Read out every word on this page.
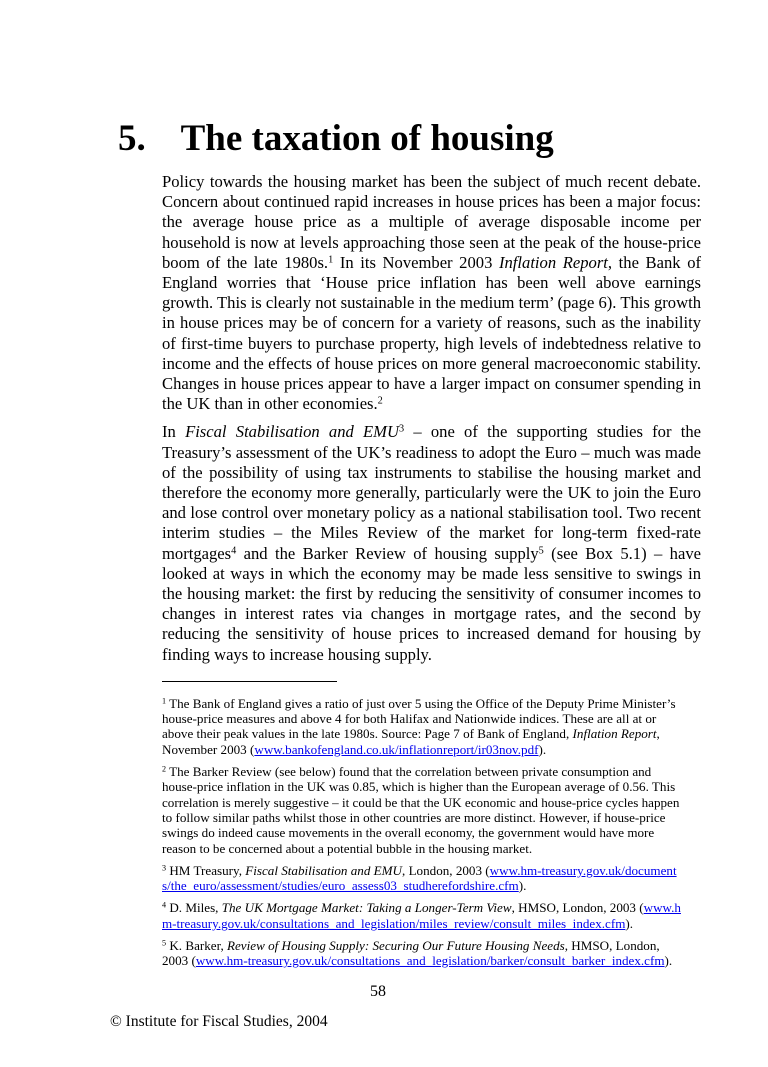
5. The taxation of housing

Policy towards the housing market has been the subject of much recent debate. Concern about continued rapid increases in house prices has been a major focus: the average house price as a multiple of average disposable income per household is now at levels approaching those seen at the peak of the house-price boom of the late 1980s.$^1$ In its November 2003 Inflation Report, the Bank of England worries that ‘House price inflation has been well above earnings growth. This is clearly not sustainable in the medium term’ (page 6). This growth in house prices may be of concern for a variety of reasons, such as the inability of first-time buyers to purchase property, high levels of indebtedness relative to income and the effects of house prices on more general macroeconomic stability. Changes in house prices appear to have a larger impact on consumer spending in the UK than in other economies.$^2$

In Fiscal Stabilisation and EMU$^3$ – one of the supporting studies for the Treasury’s assessment of the UK’s readiness to adopt the Euro – much was made of the possibility of using tax instruments to stabilise the housing market and therefore the economy more generally, particularly were the UK to join the Euro and lose control over monetary policy as a national stabilisation tool. Two recent interim studies – the Miles Review of the market for long-term fixed-rate mortgages$^4$ and the Barker Review of housing supply$^5$ (see Box 5.1) – have looked at ways in which the economy may be made less sensitive to swings in the housing market: the first by reducing the sensitivity of consumer incomes to changes in interest rates via changes in mortgage rates, and the second by reducing the sensitivity of house prices to increased demand for housing by finding ways to increase housing supply.

$^1$ The Bank of England gives a ratio of just over 5 using the Office of the Deputy Prime Minister’s house-price measures and above 4 for both Halifax and Nationwide indices. These are all at or above their peak values in the late 1980s. Source: Page 7 of Bank of England, Inflation Report, November 2003 (www.bankofengland.co.uk/inflationreport/ir03nov.pdf).

$^2$ The Barker Review (see below) found that the correlation between private consumption and house-price inflation in the UK was 0.85, which is higher than the European average of 0.56. This correlation is merely suggestive – it could be that the UK economic and house-price cycles happen to follow similar paths whilst those in other countries are more distinct. However, if house-price swings do indeed cause movements in the overall economy, the government would have more reason to be concerned about a potential bubble in the housing market.

$^3$ HM Treasury, Fiscal Stabilisation and EMU, London, 2003 (www.hm-treasury.gov.uk/documents/the_euro/assessment/studies/euro_assess03_studherefordshire.cfm).

$^4$ D. Miles, The UK Mortgage Market: Taking a Longer-Term View, HMSO, London, 2003 (www.hm-treasury.gov.uk/consultations_and_legislation/miles_review/consult_miles_index.cfm).

$^5$ K. Barker, Review of Housing Supply: Securing Our Future Housing Needs, HMSO, London, 2003 (www.hm-treasury.gov.uk/consultations_and_legislation/barker/consult_barker_index.cfm).

58
© Institute for Fiscal Studies, 2004
